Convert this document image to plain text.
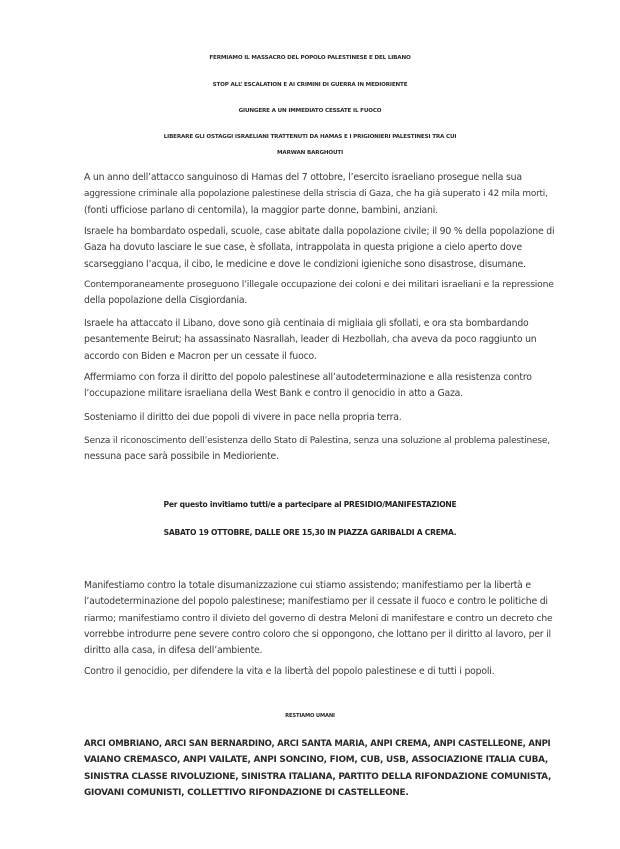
FERMIAMO IL MASSACRO DEL POPOLO PALESTINESE E DEL LIBANO
STOP ALL’ ESCALATION E AI CRIMINI DI GUERRA IN MEDIORIENTE
GIUNGERE A UN IMMEDIATO CESSATE IL FUOCO
LIBERARE GLI OSTAGGI ISRAELIANI TRATTENUTI DA HAMAS E I PRIGIONIERI PALESTINESI TRA CUI
MARWAN BARGHOUTI
A un anno dell’attacco sanguinoso di Hamas del 7 ottobre, l’esercito israeliano prosegue nella sua
aggressione criminale alla popolazione palestinese della striscia di Gaza, che ha già superato i 42 mila morti,
(fonti ufficiose parlano di centomila), la maggior parte donne, bambini, anziani.
Israele ha bombardato ospedali, scuole, case abitate dalla popolazione civile; il 90 % della popolazione di
Gaza ha dovuto lasciare le sue case, è sfollata, intrappolata in questa prigione a cielo aperto dove
scarseggiano l’acqua, il cibo, le medicine e dove le condizioni igieniche sono disastrose, disumane.
Contemporaneamente proseguono l’illegale occupazione dei coloni e dei militari israeliani e la repressione
della popolazione della Cisgiordania.
Israele ha attaccato il Libano, dove sono già centinaia di migliaia gli sfollati, e ora sta bombardando
pesantemente Beirut; ha assassinato Nasrallah, leader di Hezbollah, cha aveva da poco raggiunto un
accordo con Biden e Macron per un cessate il fuoco.
Affermiamo con forza il diritto del popolo palestinese all’autodeterminazione e alla resistenza contro
l’occupazione militare israeliana della West Bank e contro il genocidio in atto a Gaza.
Sosteniamo il diritto dei due popoli di vivere in pace nella propria terra.
Senza il riconoscimento dell’esistenza dello Stato di Palestina, senza una soluzione al problema palestinese,
nessuna pace sarà possibile in Medioriente.
Per questo invitiamo tutti/e a partecipare al PRESIDIO/MANIFESTAZIONE
SABATO 19 OTTOBRE, DALLE ORE 15,30 IN PIAZZA GARIBALDI A CREMA.
Manifestiamo contro la totale disumanizzazione cui stiamo assistendo; manifestiamo per la libertà e
l’autodeterminazione del popolo palestinese; manifestiamo per il cessate il fuoco e contro le politiche di
riarmo; manifestiamo contro il divieto del governo di destra Meloni di manifestare e contro un decreto che
vorrebbe introdurre pene severe contro coloro che si oppongono, che lottano per il diritto al lavoro, per il
diritto alla casa, in difesa dell’ambiente.
Contro il genocidio, per difendere la vita e la libertà del popolo palestinese e di tutti i popoli.
RESTIAMO UMANI
ARCI OMBRIANO, ARCI SAN BERNARDINO, ARCI SANTA MARIA, ANPI CREMA, ANPI CASTELLEONE, ANPI
VAIANO CREMASCO, ANPI VAILATE, ANPI SONCINO, FIOM, CUB, USB, ASSOCIAZIONE ITALIA CUBA,
SINISTRA CLASSE RIVOLUZIONE, SINISTRA ITALIANA, PARTITO DELLA RIFONDAZIONE COMUNISTA,
GIOVANI COMUNISTI, COLLETTIVO RIFONDAZIONE DI CASTELLEONE.
